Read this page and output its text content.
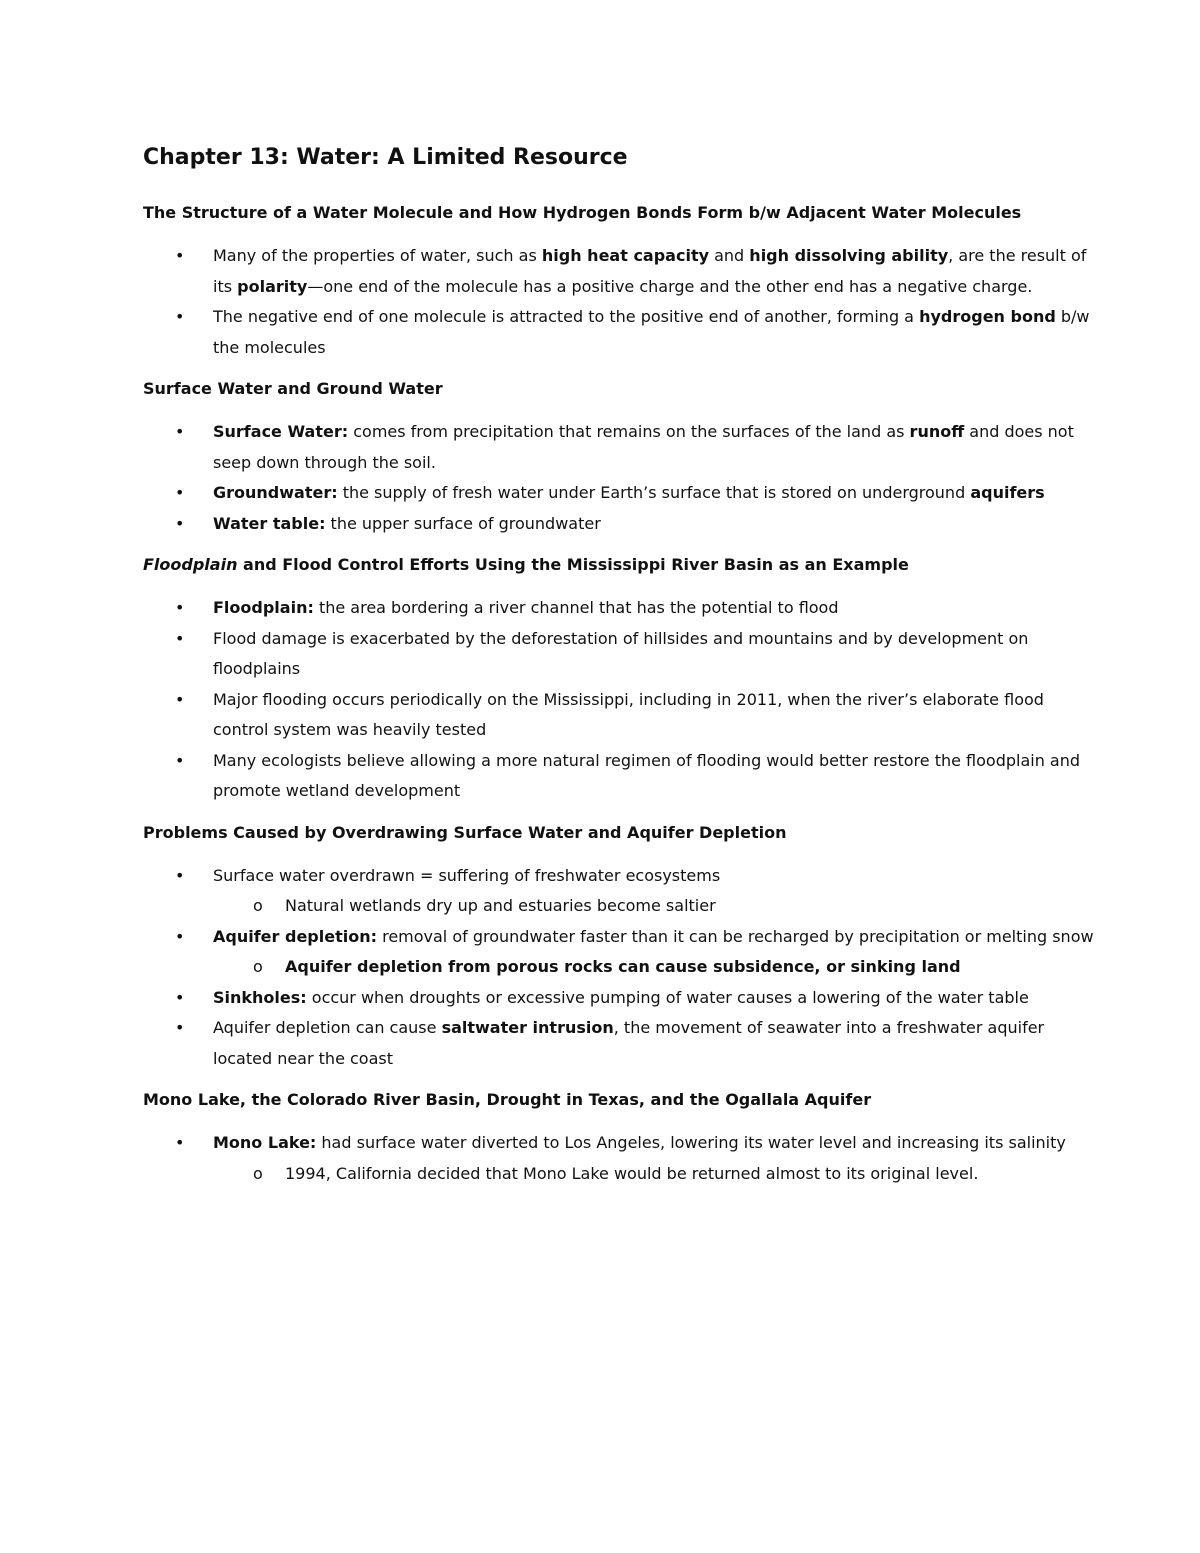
Chapter 13: Water: A Limited Resource
The Structure of a Water Molecule and How Hydrogen Bonds Form b/w Adjacent Water Molecules
• Many of the properties of water, such as high heat capacity and high dissolving ability, are the result of its polarity—one end of the molecule has a positive charge and the other end has a negative charge.
• The negative end of one molecule is attracted to the positive end of another, forming a hydrogen bond b/w the molecules
Surface Water and Ground Water
• Surface Water: comes from precipitation that remains on the surfaces of the land as runoff and does not seep down through the soil.
• Groundwater: the supply of fresh water under Earth’s surface that is stored on underground aquifers
• Water table: the upper surface of groundwater
Floodplain and Flood Control Efforts Using the Mississippi River Basin as an Example
• Floodplain: the area bordering a river channel that has the potential to flood
• Flood damage is exacerbated by the deforestation of hillsides and mountains and by development on floodplains
• Major flooding occurs periodically on the Mississippi, including in 2011, when the river’s elaborate flood control system was heavily tested
• Many ecologists believe allowing a more natural regimen of flooding would better restore the floodplain and promote wetland development
Problems Caused by Overdrawing Surface Water and Aquifer Depletion
• Surface water overdrawn = suffering of freshwater ecosystems
o Natural wetlands dry up and estuaries become saltier
• Aquifer depletion: removal of groundwater faster than it can be recharged by precipitation or melting snow
o Aquifer depletion from porous rocks can cause subsidence, or sinking land
• Sinkholes: occur when droughts or excessive pumping of water causes a lowering of the water table
• Aquifer depletion can cause saltwater intrusion, the movement of seawater into a freshwater aquifer located near the coast
Mono Lake, the Colorado River Basin, Drought in Texas, and the Ogallala Aquifer
• Mono Lake: had surface water diverted to Los Angeles, lowering its water level and increasing its salinity
o 1994, California decided that Mono Lake would be returned almost to its original level.
